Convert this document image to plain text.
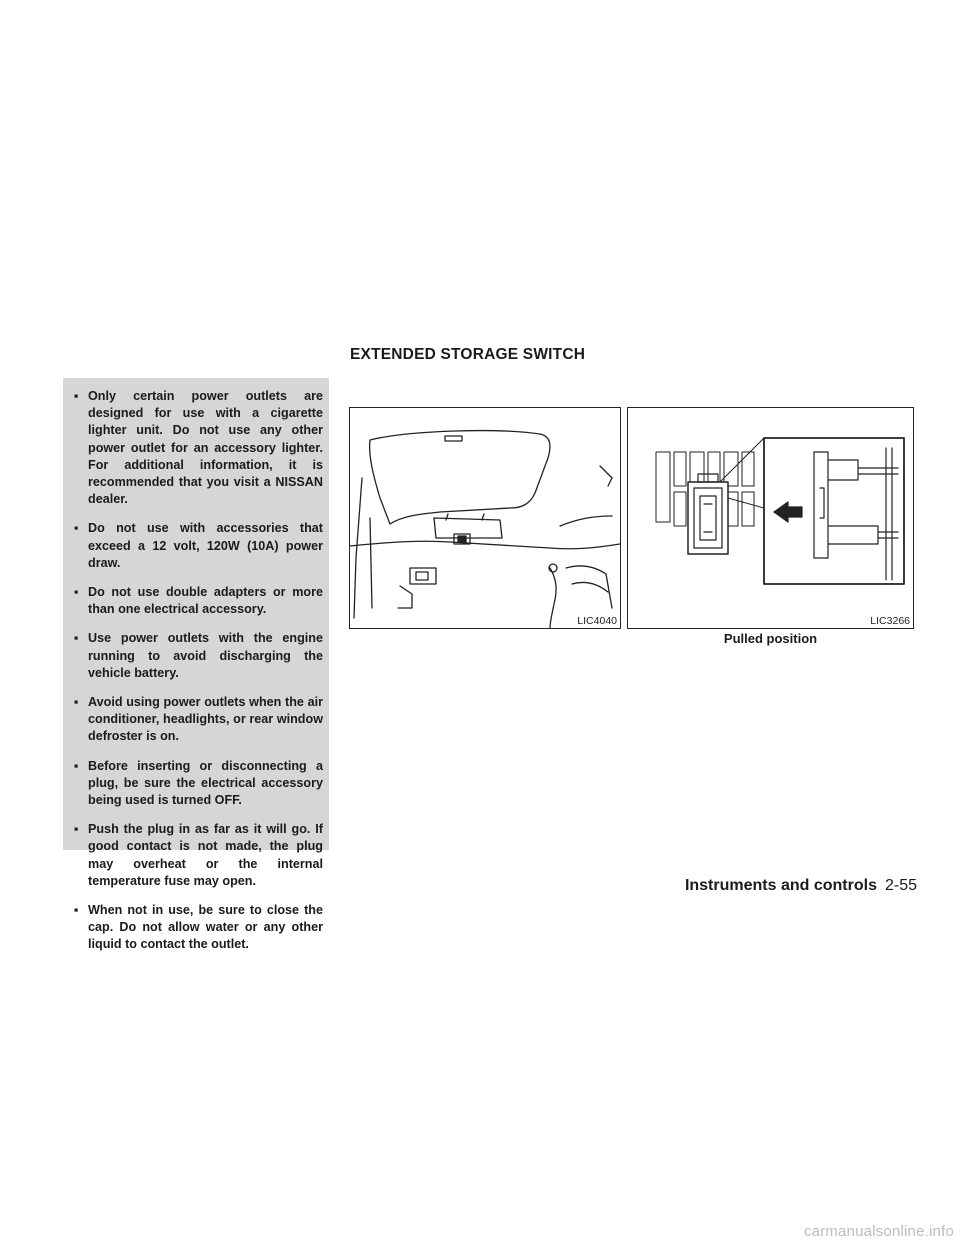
EXTENDED STORAGE SWITCH
▪ Only certain power outlets are designed for use with a cigarette lighter unit. Do not use any other power outlet for an accessory lighter. For additional information, it is recommended that you visit a NISSAN dealer.
▪ Do not use with accessories that exceed a 12 volt, 120W (10A) power draw.
▪ Do not use double adapters or more than one electrical accessory.
▪ Use power outlets with the engine running to avoid discharging the vehicle battery.
▪ Avoid using power outlets when the air conditioner, headlights, or rear window defroster is on.
▪ Before inserting or disconnecting a plug, be sure the electrical accessory being used is turned OFF.
▪ Push the plug in as far as it will go. If good contact is not made, the plug may overheat or the internal temperature fuse may open.
▪ When not in use, be sure to close the cap. Do not allow water or any other liquid to contact the outlet.
LIC4040	LIC3266
Pulled position
Instruments and controls 2-55
carmanualsonline.info
